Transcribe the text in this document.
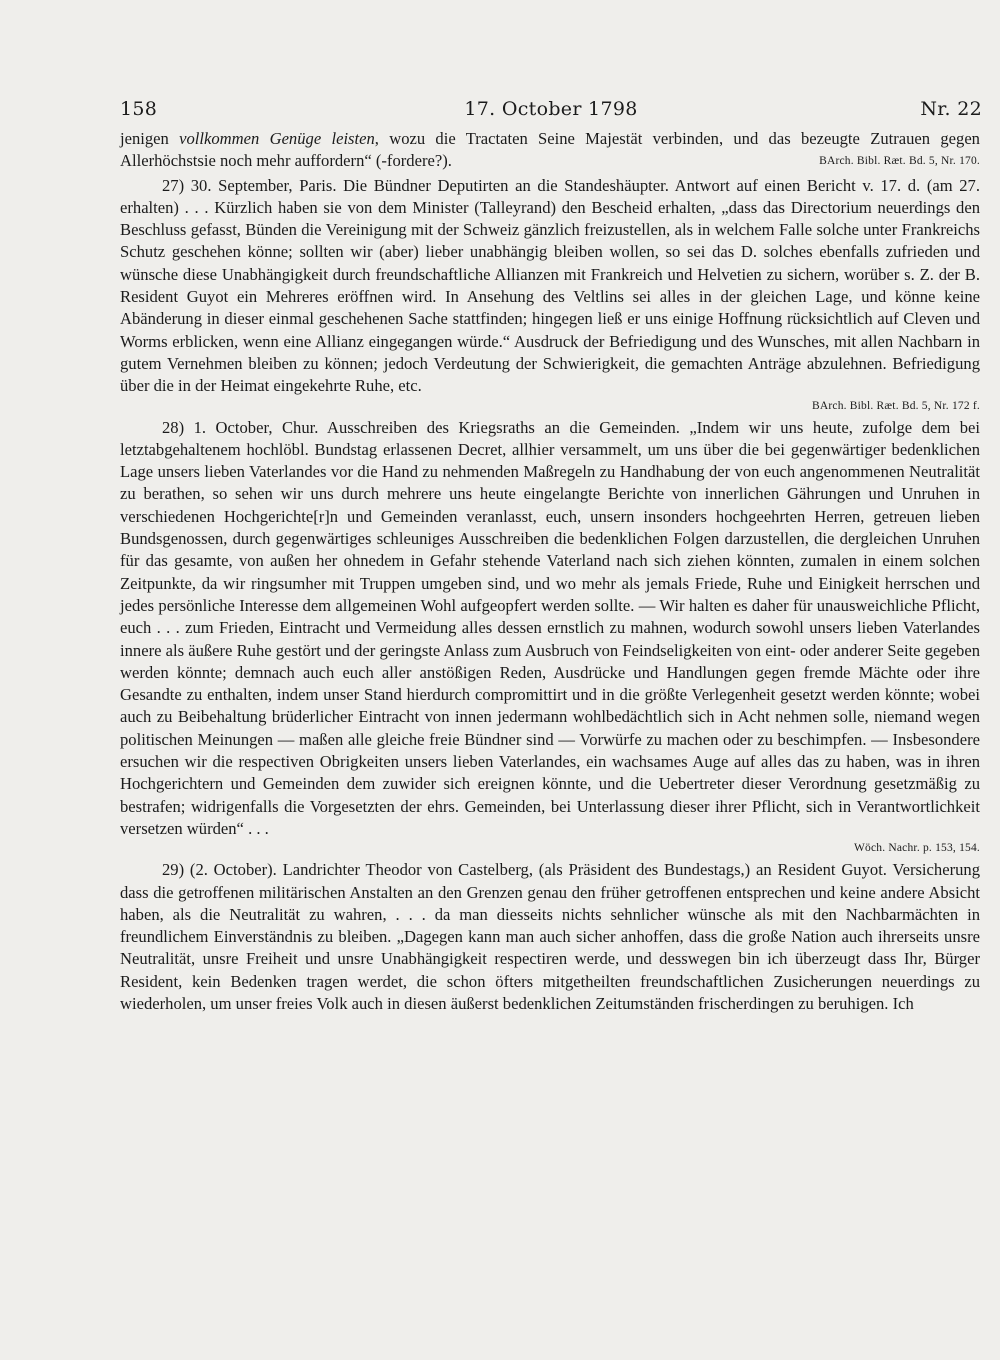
158	17. October 1798	Nr. 22

jenigen vollkommen Genüge leisten, wozu die Tractaten Seine Majestät verbinden, und das bezeugte Zutrauen gegen Allerhöchstsie noch mehr auffordern“ (-fordere?).	BArch. Bibl. Ræt. Bd. 5, Nr. 170.

27) 30. September, Paris. Die Bündner Deputirten an die Standeshäupter. Antwort auf einen Bericht v. 17. d. (am 27. erhalten) . . . Kürzlich haben sie von dem Minister (Talleyrand) den Bescheid erhalten, „dass das Directorium neuerdings den Beschluss gefasst, Bünden die Vereinigung mit der Schweiz gänzlich freizustellen, als in welchem Falle solche unter Frankreichs Schutz geschehen könne; sollten wir (aber) lieber unabhängig bleiben wollen, so sei das D. solches ebenfalls zufrieden und wünsche diese Unabhängigkeit durch freundschaftliche Allianzen mit Frankreich und Helvetien zu sichern, worüber s. Z. der B. Resident Guyot ein Mehreres eröffnen wird. In Ansehung des Veltlins sei alles in der gleichen Lage, und könne keine Abänderung in dieser einmal geschehenen Sache stattfinden; hingegen ließ er uns einige Hoffnung rücksichtlich auf Cleven und Worms erblicken, wenn eine Allianz eingegangen würde.“ Ausdruck der Befriedigung und des Wunsches, mit allen Nachbarn in gutem Vernehmen bleiben zu können; jedoch Verdeutung der Schwierigkeit, die gemachten Anträge abzulehnen. Befriedigung über die in der Heimat eingekehrte Ruhe, etc.

BArch. Bibl. Ræt. Bd. 5, Nr. 172 f.

28) 1. October, Chur. Ausschreiben des Kriegsraths an die Gemeinden. „Indem wir uns heute, zufolge dem bei letztabgehaltenem hochlöbl. Bundstag erlassenen Decret, allhier versammelt, um uns über die bei gegenwärtiger bedenklichen Lage unsers lieben Vaterlandes vor die Hand zu nehmenden Maßregeln zu Handhabung der von euch angenommenen Neutralität zu berathen, so sehen wir uns durch mehrere uns heute eingelangte Berichte von innerlichen Gährungen und Unruhen in verschiedenen Hochgerichte[r]n und Gemeinden veranlasst, euch, unsern insonders hochgeehrten Herren, getreuen lieben Bundsgenossen, durch gegenwärtiges schleuniges Ausschreiben die bedenklichen Folgen darzustellen, die dergleichen Unruhen für das gesamte, von außen her ohnedem in Gefahr stehende Vaterland nach sich ziehen könnten, zumalen in einem solchen Zeitpunkte, da wir ringsumher mit Truppen umgeben sind, und wo mehr als jemals Friede, Ruhe und Einigkeit herrschen und jedes persönliche Interesse dem allgemeinen Wohl aufgeopfert werden sollte. — Wir halten es daher für unausweichliche Pflicht, euch . . . zum Frieden, Eintracht und Vermeidung alles dessen ernstlich zu mahnen, wodurch sowohl unsers lieben Vaterlandes innere als äußere Ruhe gestört und der geringste Anlass zum Ausbruch von Feindseligkeiten von eint- oder anderer Seite gegeben werden könnte; demnach auch euch aller anstößigen Reden, Ausdrücke und Handlungen gegen fremde Mächte oder ihre Gesandte zu enthalten, indem unser Stand hierdurch compromittirt und in die größte Verlegenheit gesetzt werden könnte; wobei auch zu Beibehaltung brüderlicher Eintracht von innen jedermann wohlbedächtlich sich in Acht nehmen solle, niemand wegen politischen Meinungen — maßen alle gleiche freie Bündner sind — Vorwürfe zu machen oder zu beschimpfen. — Insbesondere ersuchen wir die respectiven Obrigkeiten unsers lieben Vaterlandes, ein wachsames Auge auf alles das zu haben, was in ihren Hochgerichtern und Gemeinden dem zuwider sich ereignen könnte, und die Uebertreter dieser Verordnung gesetzmäßig zu bestrafen; widrigenfalls die Vorgesetzten der ehrs. Gemeinden, bei Unterlassung dieser ihrer Pflicht, sich in Verantwortlichkeit versetzen würden“ . . .

Wöch. Nachr. p. 153, 154.

29) (2. October). Landrichter Theodor von Castelberg, (als Präsident des Bundestags,) an Resident Guyot. Versicherung dass die getroffenen militärischen Anstalten an den Grenzen genau den früher getroffenen entsprechen und keine andere Absicht haben, als die Neutralität zu wahren, . . . da man diesseits nichts sehnlicher wünsche als mit den Nachbarmächten in freundlichem Einverständnis zu bleiben. „Dagegen kann man auch sicher anhoffen, dass die große Nation auch ihrerseits unsre Neutralität, unsre Freiheit und unsre Unabhängigkeit respectiren werde, und desswegen bin ich überzeugt dass Ihr, Bürger Resident, kein Bedenken tragen werdet, die schon öfters mitgetheilten freundschaftlichen Zusicherungen neuerdings zu wiederholen, um unser freies Volk auch in diesen äußerst bedenklichen Zeitumständen frischerdingen zu beruhigen. Ich
